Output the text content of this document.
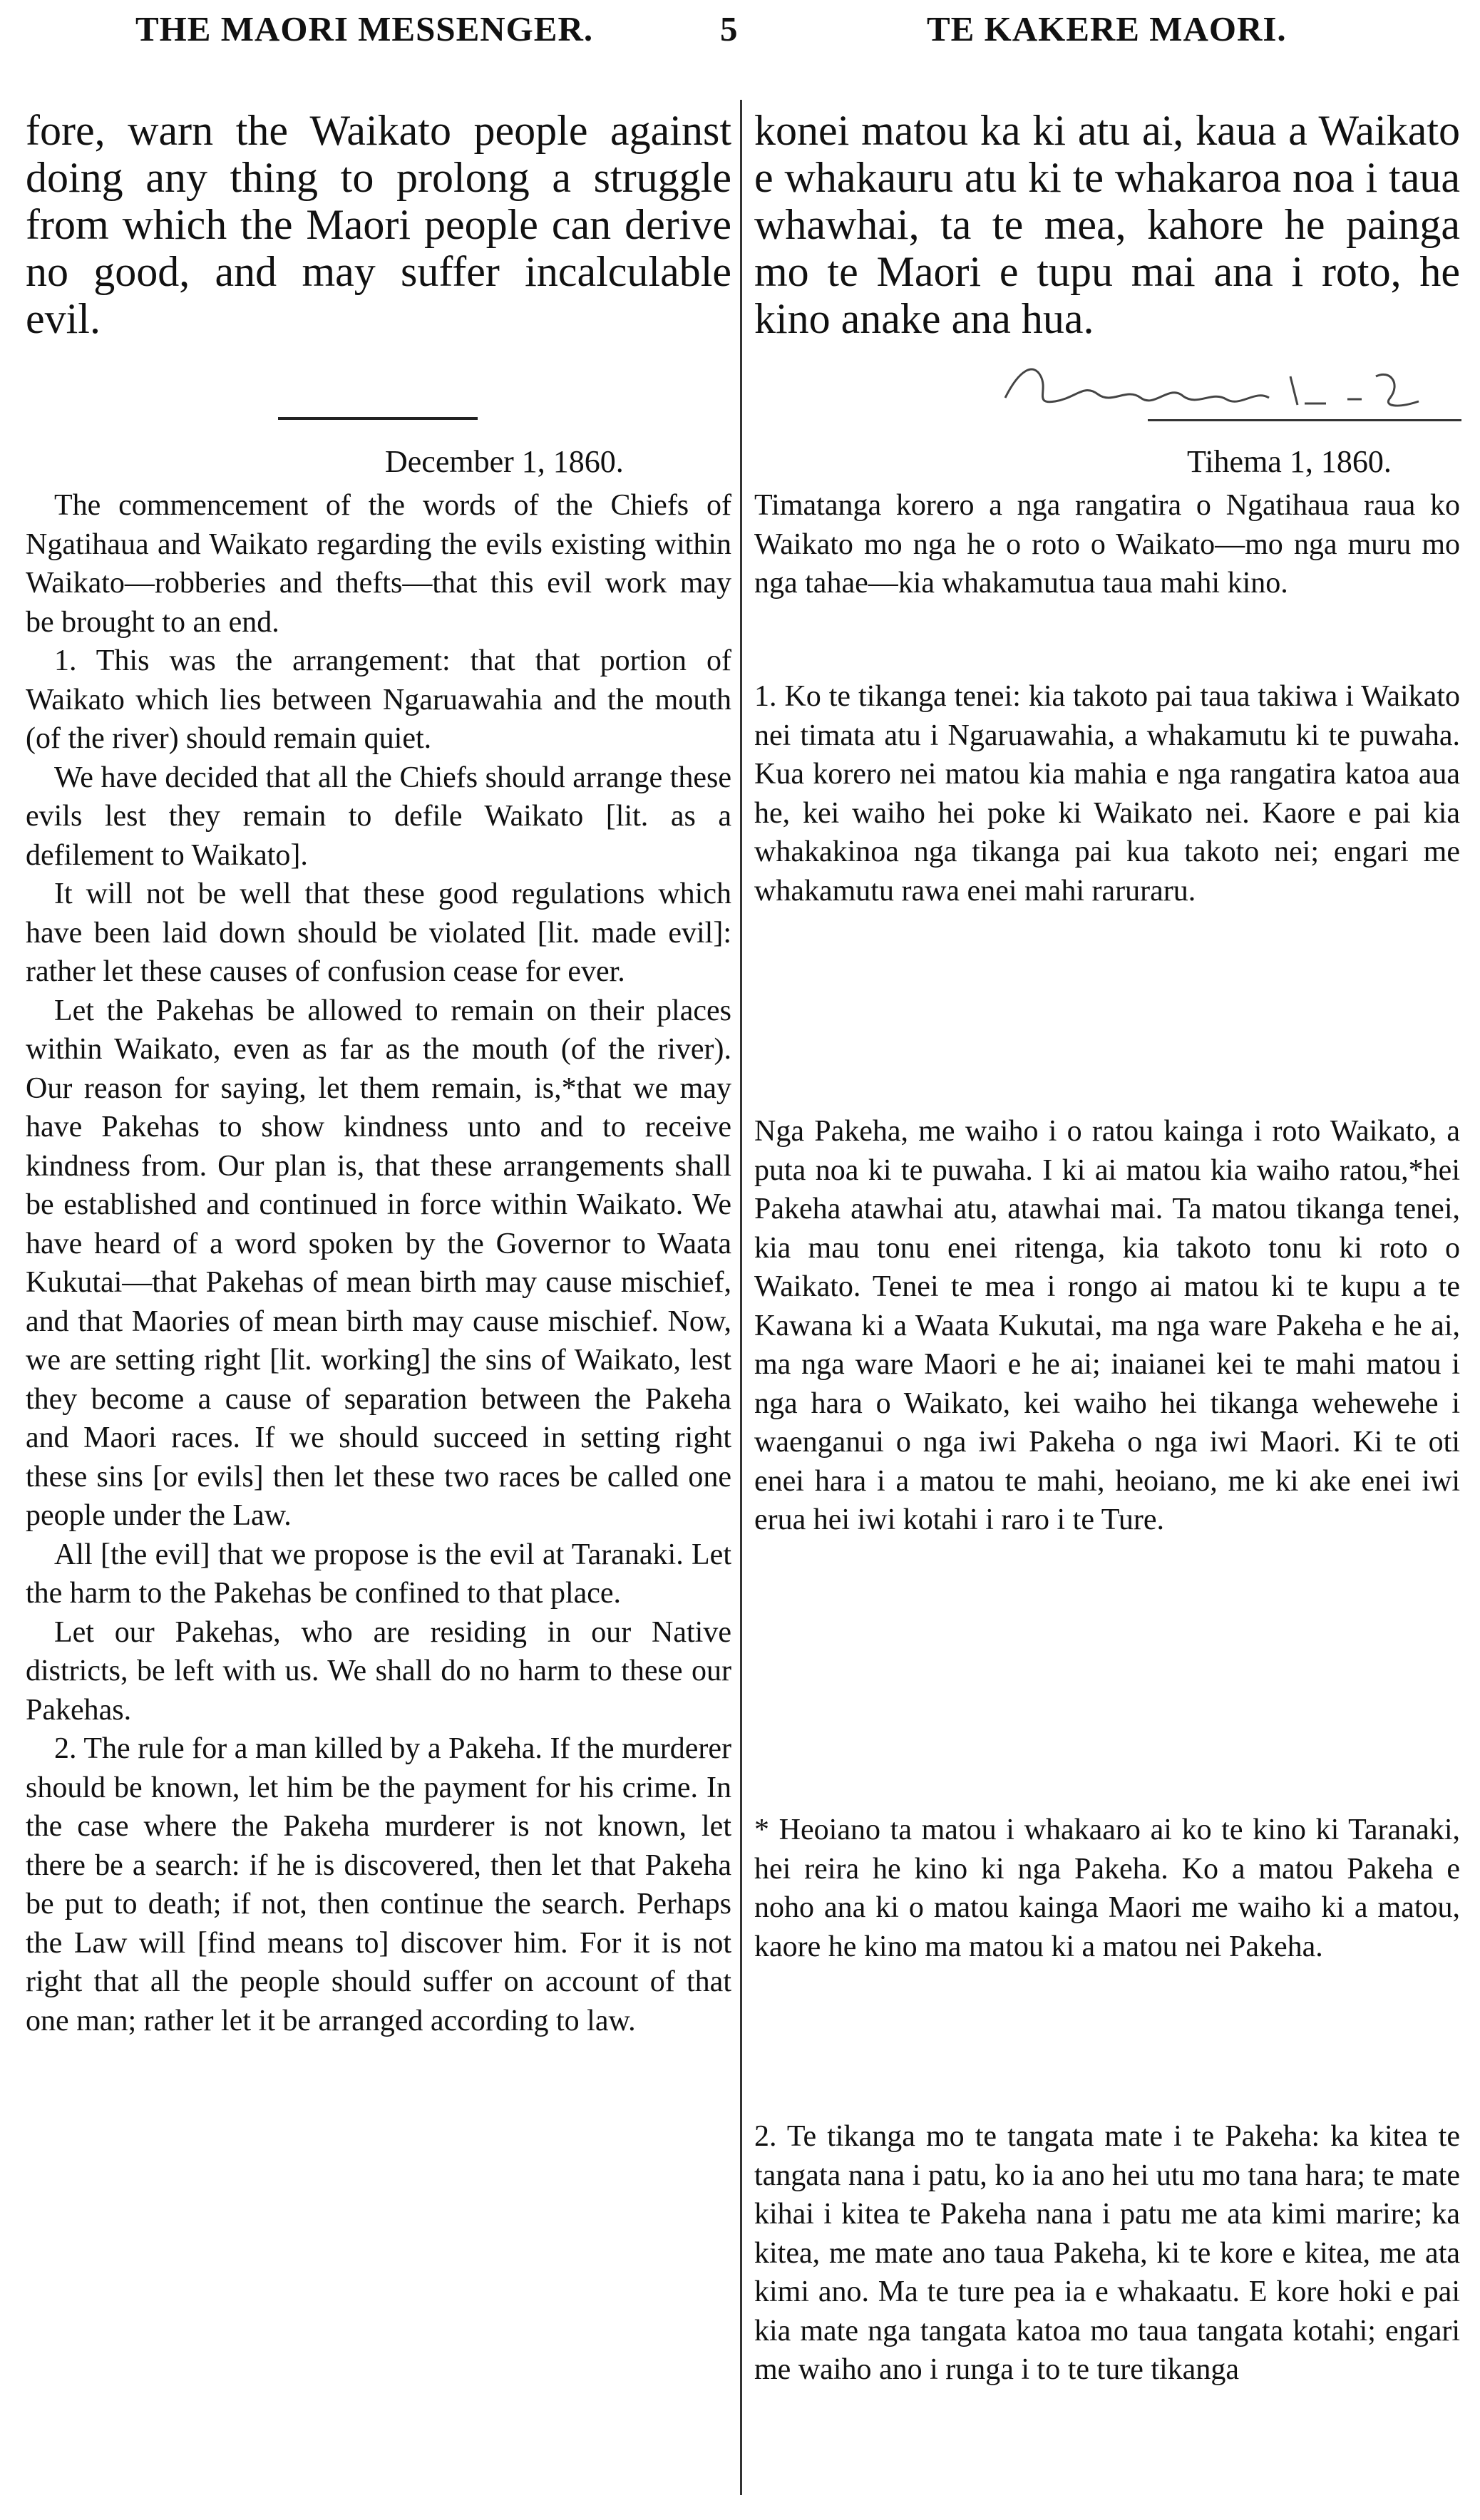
THE MAORI MESSENGER.	5	TE KAKERE MAORI.
fore, warn the Waikato people against doing any thing to prolong a struggle from which the Maori people can derive no good, and may suffer incalculable evil.
konei matou ka ki atu ai, kaua a Waikato e whakauru atu ki te whakaroa noa i taua whawhai, ta te mea, kahore he painga mo te Maori e tupu mai ana i roto, he kino anake ana hua.
December 1, 1860.	Tihema 1, 1860.

The commencement of the words of the Chiefs of Ngatihaua and Waikato regarding the evils existing within Waikato—robberies and thefts—that this evil work may be brought to an end.

1. This was the arrangement: that that portion of Waikato which lies between Ngaruawahia and the mouth (of the river) should remain quiet.

We have decided that all the Chiefs should arrange these evils lest they remain to defile Waikato [lit. as a defilement to Waikato].

It will not be well that these good regulations which have been laid down should be violated [lit. made evil]: rather let these causes of confusion cease for ever.

Let the Pakehas be allowed to remain on their places within Waikato, even as far as the mouth (of the river). Our reason for saying, let them remain, is,*that we may have Pakehas to show kindness unto and to receive kindness from. Our plan is, that these arrangements shall be established and continued in force within Waikato. We have heard of a word spoken by the Governor to Waata Kukutai—that Pakehas of mean birth may cause mischief, and that Maories of mean birth may cause mischief. Now, we are setting right [lit. working] the sins of Waikato, lest they become a cause of separation between the Pakeha and Maori races. If we should succeed in setting right these sins [or evils] then let these two races be called one people under the Law.

All [the evil] that we propose is the evil at Taranaki. Let the harm to the Pakehas be confined to that place.

Let our Pakehas, who are residing in our Native districts, be left with us. We shall do no harm to these our Pakehas.

2. The rule for a man killed by a Pakeha. If the murderer should be known, let him be the payment for his crime. In the case where the Pakeha murderer is not known, let there be a search: if he is discovered, then let that Pakeha be put to death; if not, then continue the search. Perhaps the Law will [find means to] discover him. For it is not right that all the people should suffer on account of that one man; rather let it be arranged according to law.

Timatanga korero a nga rangatira o Ngatihaua raua ko Waikato mo nga he o roto o Waikato—mo nga muru mo nga tahae—kia whakamutua taua mahi kino.
1. Ko te tikanga tenei: kia takoto pai taua takiwa i Waikato nei timata atu i Ngaruawahia, a whakamutu ki te puwaha. Kua korero nei matou kia mahia e nga rangatira katoa aua he, kei waiho hei poke ki Waikato nei. Kaore e pai kia whakakinoa nga tikanga pai kua takoto nei; engari me whakamutu rawa enei mahi raruraru.
Nga Pakeha, me waiho i o ratou kainga i roto Waikato, a puta noa ki te puwaha. I ki ai matou kia waiho ratou,*hei Pakeha atawhai atu, atawhai mai. Ta matou tikanga tenei, kia mau tonu enei ritenga, kia takoto tonu ki roto o Waikato. Tenei te mea i rongo ai matou ki te kupu a te Kawana ki a Waata Kukutai, ma nga ware Pakeha e he ai, ma nga ware Maori e he ai; inaianei kei te mahi matou i nga hara o Waikato, kei waiho hei tikanga wehewehe i waenganui o nga iwi Pakeha o nga iwi Maori. Ki te oti enei hara i a matou te mahi, heoiano, me ki ake enei iwi erua hei iwi kotahi i raro i te Ture.
* Heoiano ta matou i whakaaro ai ko te kino ki Taranaki, hei reira he kino ki nga Pakeha. Ko a matou Pakeha e noho ana ki o matou kainga Maori me waiho ki a matou, kaore he kino ma matou ki a matou nei Pakeha.
2. Te tikanga mo te tangata mate i te Pakeha: ka kitea te tangata nana i patu, ko ia ano hei utu mo tana hara; te mate kihai i kitea te Pakeha nana i patu me ata kimi marire; ka kitea, me mate ano taua Pakeha, ki te kore e kitea, me ata kimi ano. Ma te ture pea ia e whakaatu. E kore hoki e pai kia mate nga tangata katoa mo taua tangata kotahi; engari me waiho ano i runga i to te ture tikanga
